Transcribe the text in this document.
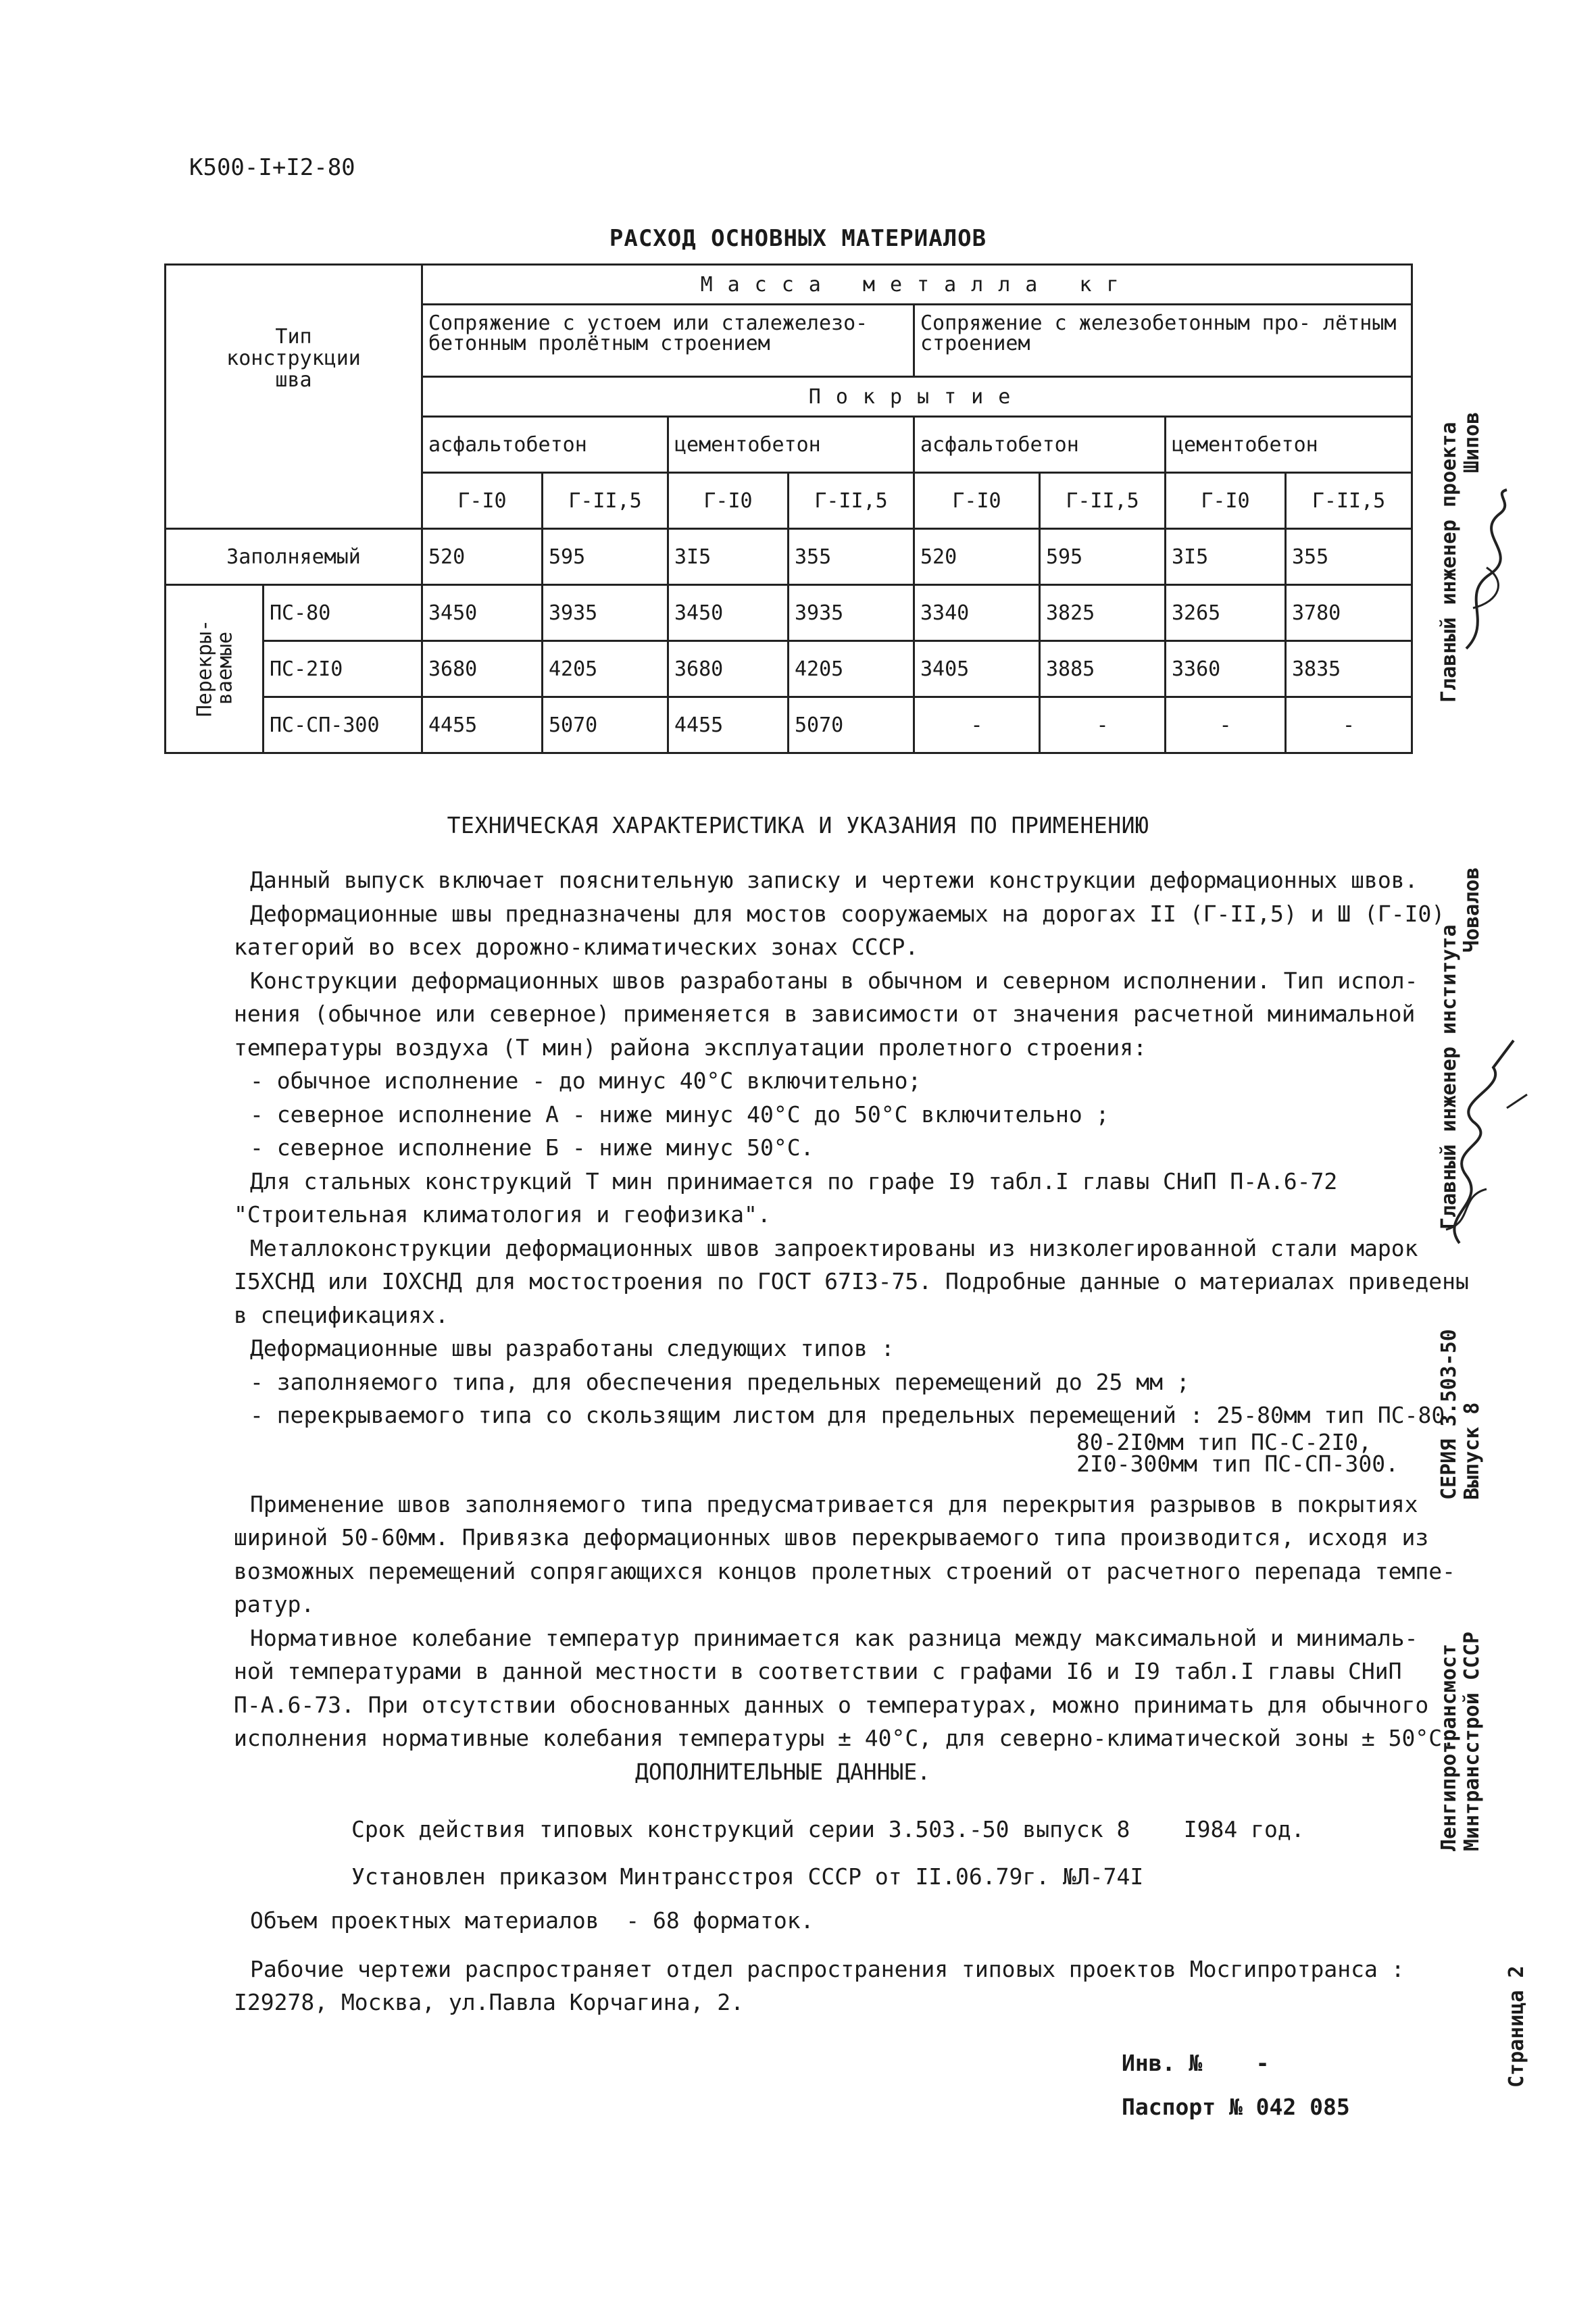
К500-I+I2-80
РАСХОД ОСНОВНЫХ МАТЕРИАЛОВ
Тип
конструкции
шва		Масса металла кг							
		Сопряжение с устоем или сталежелезо- бетонным пролётным строением				Сопряжение с железобетонным про- лётным строением			
		Покрытие							
		асфальтобетон		цементобетон		асфальтобетон		цементобетон	
		Г-I0	Г-II,5	Г-I0	Г-II,5	Г-I0	Г-II,5	Г-I0	Г-II,5
Заполняемый		520	595	3I5	355	520	595	3I5	355

Перекры-
ваемые	ПС-80	3450	3935	3450	3935	3340	3825	3265	3780
	ПС-2I0	3680	4205	3680	4205	3405	3885	3360	3835
	ПС-СП-300	4455	5070	4455	5070	-	-	-	-
ТЕХНИЧЕСКАЯ ХАРАКТЕРИСТИКА И УКАЗАНИЯ ПО ПРИМЕНЕНИЮ

Данный выпуск включает пояснительную записку и чертежи конструкции деформационных швов.

Деформационные швы предназначены для мостов сооружаемых на дорогах II (Г-II,5) и Ш (Г-I0)

категорий во всех дорожно-климатических зонах СССР.

Конструкции деформационных швов разработаны в обычном и северном исполнении. Тип испол-

нения (обычное или северное) применяется в зависимости от значения расчетной минимальной

температуры воздуха (Т мин) района эксплуатации пролетного строения:

- обычное исполнение - до минус 40°С включительно;

- северное исполнение А - ниже минус 40°С до 50°С включительно ;

- северное исполнение Б - ниже минус 50°С.

Для стальных конструкций Т мин принимается по графе I9 табл.I главы СНиП П-А.6-72

"Строительная климатология и геофизика".

Металлоконструкции деформационных швов запроектированы из низколегированной стали марок

I5ХСНД или IOХСНД для мостостроения по ГОСТ 67I3-75. Подробные данные о материалах приведены

в спецификациях.

Деформационные швы разработаны следующих типов :

- заполняемого типа, для обеспечения предельных перемещений до 25 мм ;

- перекрываемого типа со скользящим листом для предельных перемещений : 25-80мм тип ПС-80

80-2I0мм тип ПС-С-2I0,

2I0-300мм тип ПС-СП-300.

Применение швов заполняемого типа предусматривается для перекрытия разрывов в покрытиях

шириной 50-60мм. Привязка деформационных швов перекрываемого типа производится, исходя из

возможных перемещений сопрягающихся концов пролетных строений от расчетного перепада темпе-

ратур.

Нормативное колебание температур принимается как разница между максимальной и минималь-

ной температурами в данной местности в соответствии с графами I6 и I9 табл.I главы СНиП

П-А.6-73. При отсутствии обоснованных данных о температурах, можно принимать для обычного

исполнения нормативные колебания температуры ± 40°С, для северно-климатической зоны ± 50°С.

ДОПОЛНИТЕЛЬНЫЕ ДАННЫЕ.

Срок действия типовых конструкций серии 3.503.-50 выпуск 8    I984 год.

Установлен приказом Минтрансстроя СССР от II.06.79г. №Л-74I

Объем проектных материалов  - 68 форматок.

Рабочие чертежи распространяет отдел распространения типовых проектов Мосгипротранса :

I29278, Москва, ул.Павла Корчагина, 2.

Инв. №    -

Паспорт № 042 085

Главный инженер проекта Шипов
Главный инженер института
Човалов
СЕРИЯ 3.503-50 Выпуск 8
Ленгипротрансмост Минтрансстрой СССР
Страница 2
